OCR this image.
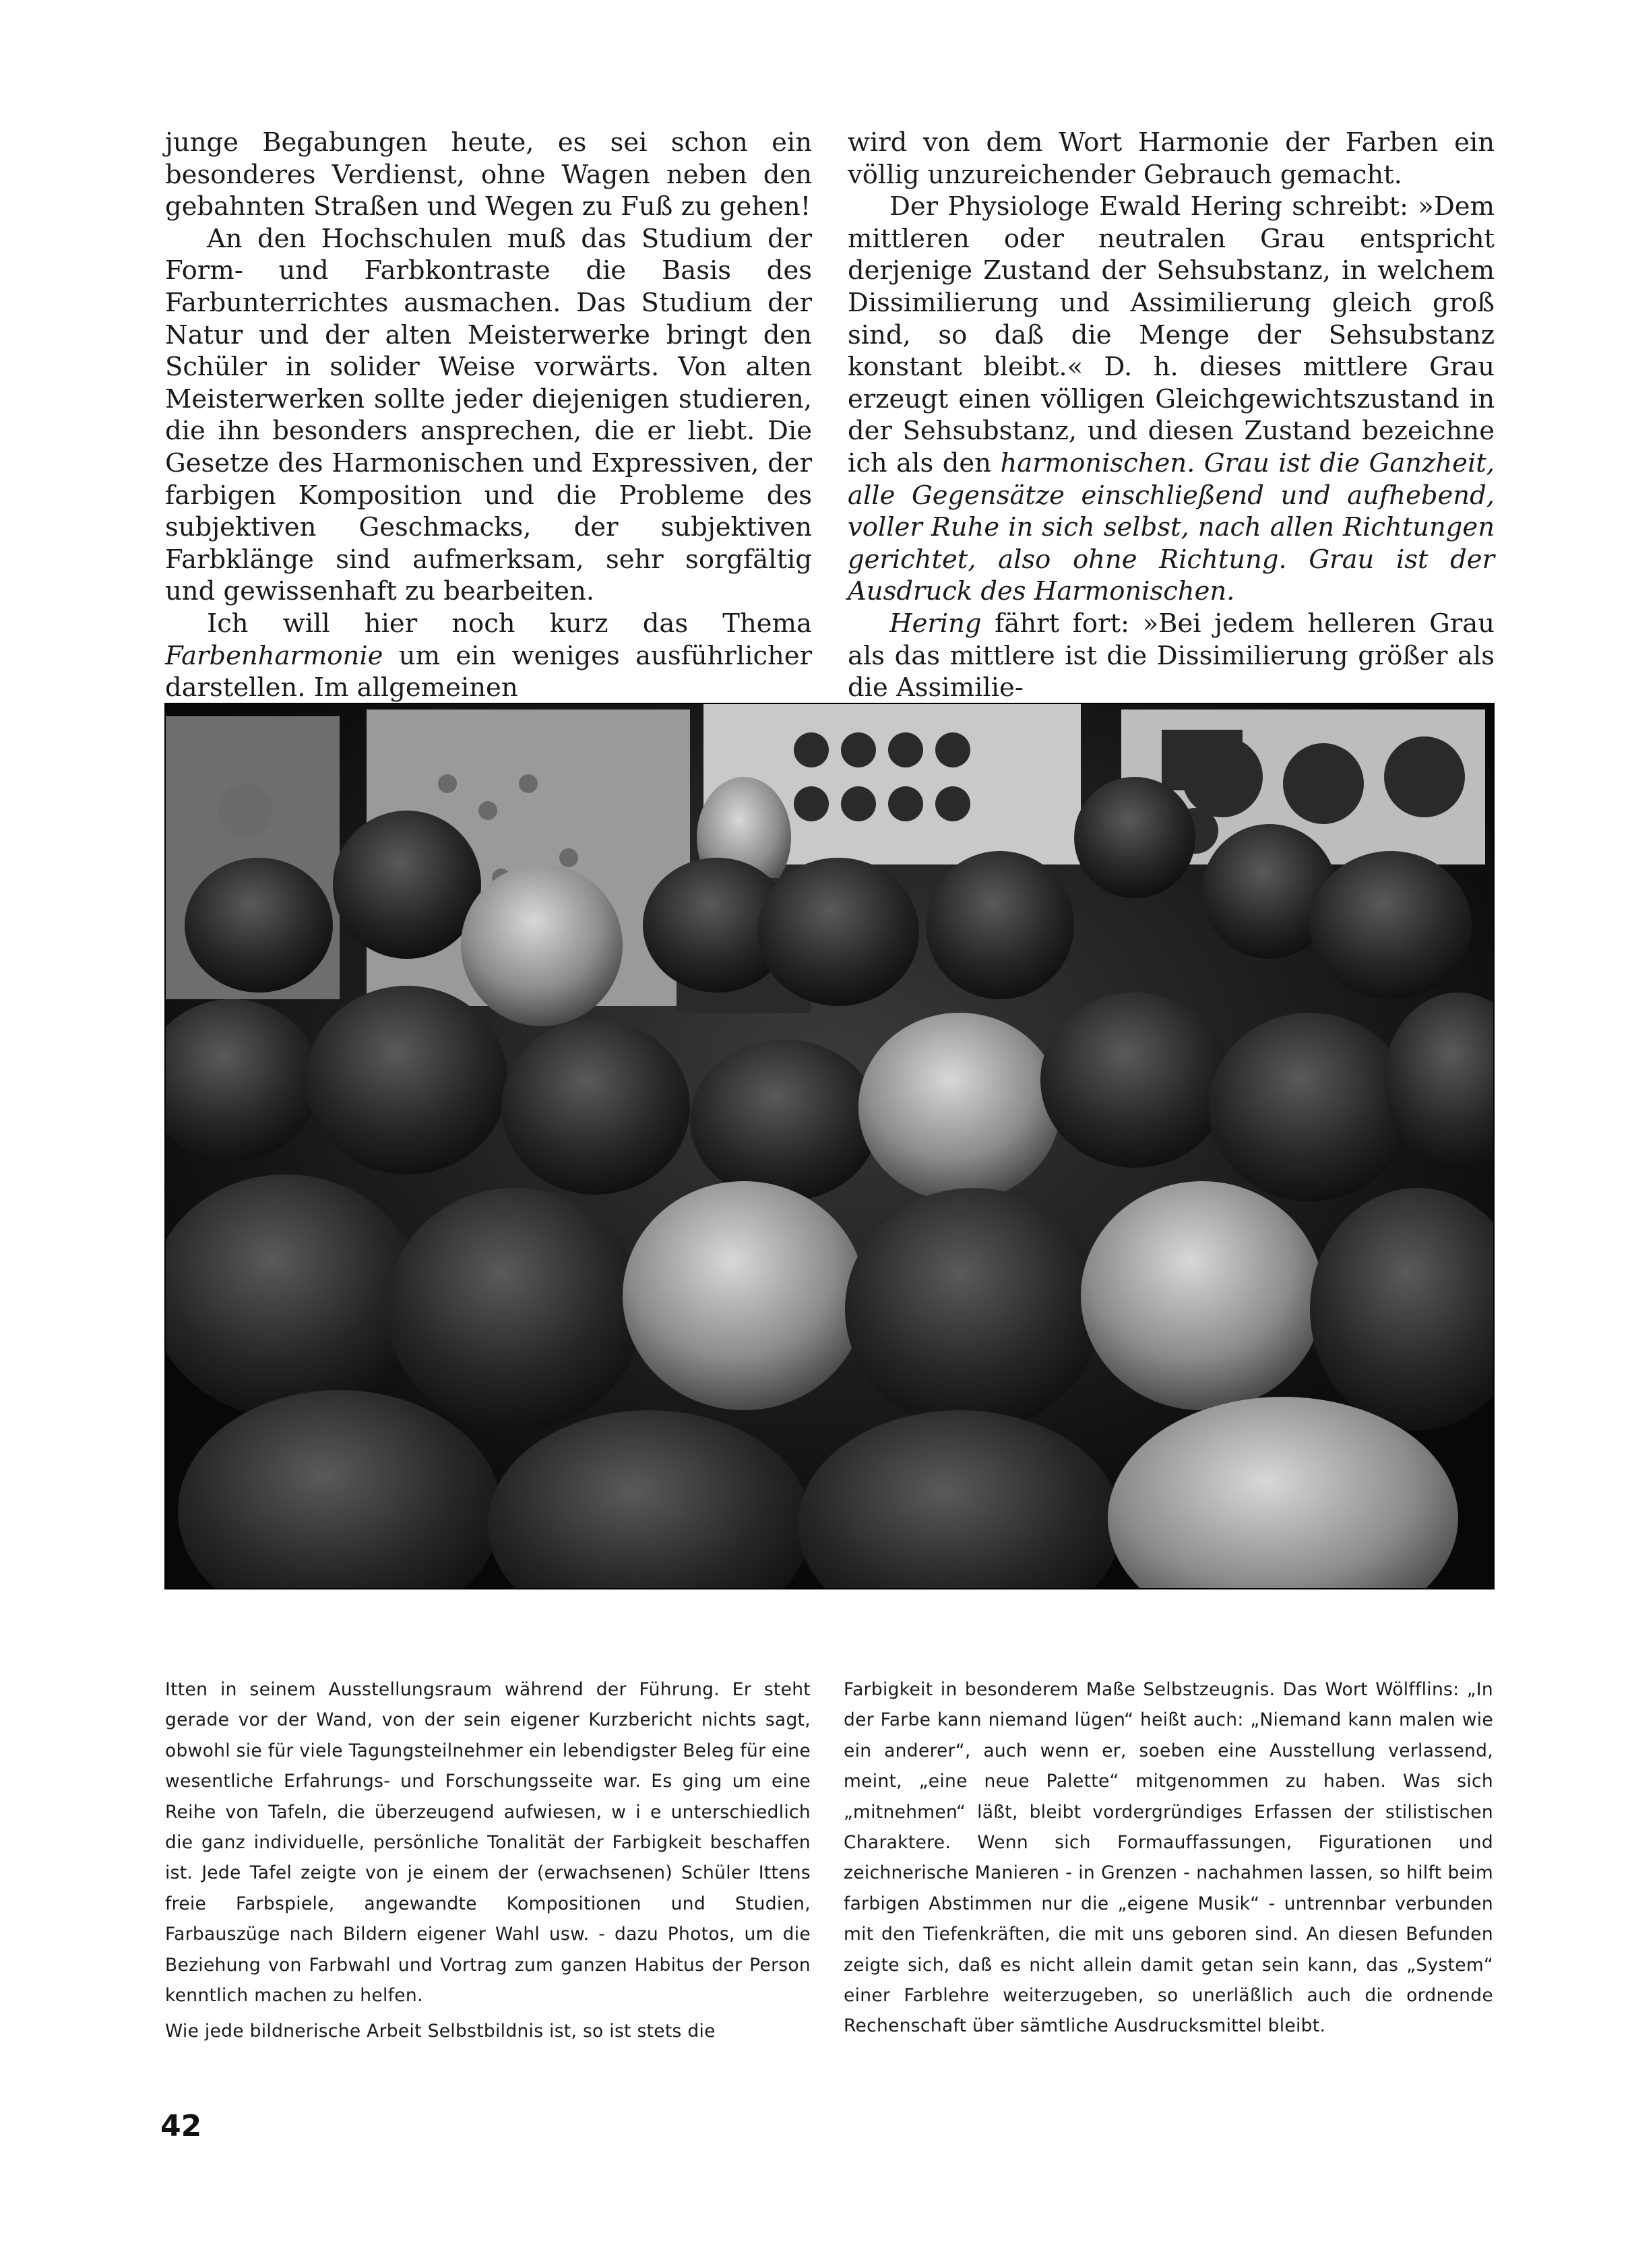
junge Begabungen heute, es sei schon ein besonderes Verdienst, ohne Wagen neben den gebahnten Straßen und Wegen zu Fuß zu gehen!

An den Hochschulen muß das Studium der Form- und Farbkontraste die Basis des Farbunterrichtes ausmachen. Das Studium der Natur und der alten Meisterwerke bringt den Schüler in solider Weise vorwärts. Von alten Meisterwerken sollte jeder diejenigen studieren, die ihn besonders ansprechen, die er liebt. Die Gesetze des Harmonischen und Expressiven, der farbigen Komposition und die Probleme des subjektiven Geschmacks, der subjektiven Farbklänge sind aufmerksam, sehr sorgfältig und gewissenhaft zu bearbeiten.

Ich will hier noch kurz das Thema Farbenharmonie um ein weniges ausführlicher darstellen. Im allgemeinen

wird von dem Wort Harmonie der Farben ein völlig unzureichender Gebrauch gemacht.

Der Physiologe Ewald Hering schreibt: »Dem mittleren oder neutralen Grau entspricht derjenige Zustand der Sehsubstanz, in welchem Dissimilierung und Assimilierung gleich groß sind, so daß die Menge der Sehsubstanz konstant bleibt.« D. h. dieses mittlere Grau erzeugt einen völligen Gleichgewichtszustand in der Sehsubstanz, und diesen Zustand bezeichne ich als den harmonischen. Grau ist die Ganzheit, alle Gegensätze einschließend und aufhebend, voller Ruhe in sich selbst, nach allen Richtungen gerichtet, also ohne Richtung. Grau ist der Ausdruck des Harmonischen.

Hering fährt fort: »Bei jedem helleren Grau als das mittlere ist die Dissimilierung größer als die Assimilie-

Itten in seinem Ausstellungsraum während der Führung. Er steht gerade vor der Wand, von der sein eigener Kurzbericht nichts sagt, obwohl sie für viele Tagungsteilnehmer ein lebendigster Beleg für eine wesentliche Erfahrungs- und Forschungsseite war. Es ging um eine Reihe von Tafeln, die überzeugend aufwiesen, w i e unterschiedlich die ganz individuelle, persönliche Tonalität der Farbigkeit beschaffen ist. Jede Tafel zeigte von je einem der (erwachsenen) Schüler Ittens freie Farbspiele, angewandte Kompositionen und Studien, Farbauszüge nach Bildern eigener Wahl usw. - dazu Photos, um die Beziehung von Farbwahl und Vortrag zum ganzen Habitus der Person kenntlich machen zu helfen.

Wie jede bildnerische Arbeit Selbstbildnis ist, so ist stets die

Farbigkeit in besonderem Maße Selbstzeugnis. Das Wort Wölfflins: „In der Farbe kann niemand lügen“ heißt auch: „Niemand kann malen wie ein anderer“, auch wenn er, soeben eine Ausstellung verlassend, meint, „eine neue Palette“ mitgenommen zu haben. Was sich „mitnehmen“ läßt, bleibt vordergründiges Erfassen der stilistischen Charaktere. Wenn sich Formauffassungen, Figurationen und zeichnerische Manieren - in Grenzen - nachahmen lassen, so hilft beim farbigen Abstimmen nur die „eigene Musik“ - untrennbar verbunden mit den Tiefenkräften, die mit uns geboren sind. An diesen Befunden zeigte sich, daß es nicht allein damit getan sein kann, das „System“ einer Farblehre weiterzugeben, so unerläßlich auch die ordnende Rechenschaft über sämtliche Ausdrucksmittel bleibt.

42
